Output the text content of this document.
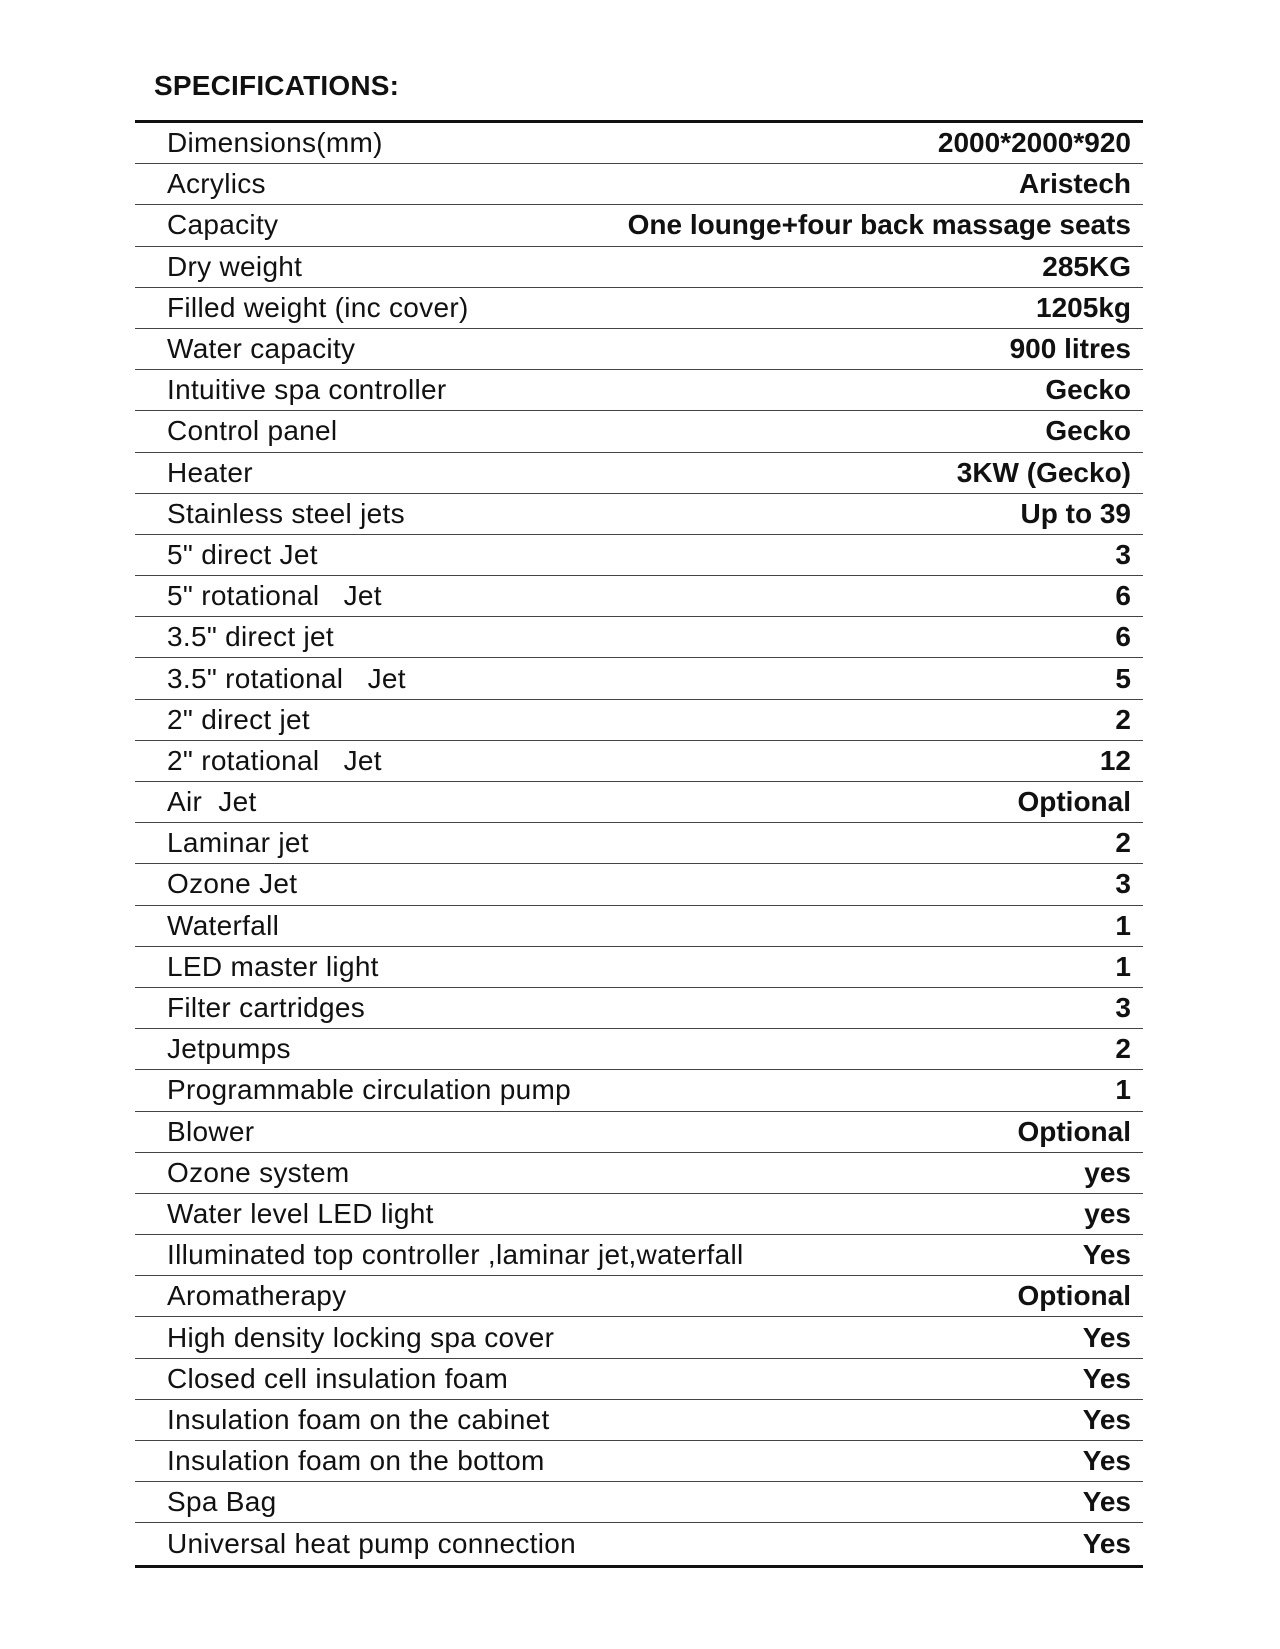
SPECIFICATIONS:
Dimensions(mm)	2000*2000*920
Acrylics	Aristech
Capacity	One lounge+four back massage seats
Dry weight	285KG
Filled weight (inc cover)	1205kg
Water capacity	900 litres
Intuitive spa controller	Gecko
Control panel	Gecko
Heater	3KW (Gecko)
Stainless steel jets	Up to 39
5" direct Jet	3
5" rotational   Jet	6
3.5" direct jet	6
3.5" rotational   Jet	5
2" direct jet	2
2" rotational   Jet	12
Air  Jet	Optional
Laminar jet	2
Ozone Jet	3
Waterfall	1
LED master light	1
Filter cartridges	3
Jetpumps	2
Programmable circulation pump	1
Blower	Optional
Ozone system	yes
Water level LED light	yes
Illuminated top controller ,laminar jet,waterfall	Yes
Aromatherapy	Optional
High density locking spa cover	Yes
Closed cell insulation foam	Yes
Insulation foam on the cabinet	Yes
Insulation foam on the bottom	Yes
Spa Bag	Yes
Universal heat pump connection	Yes
